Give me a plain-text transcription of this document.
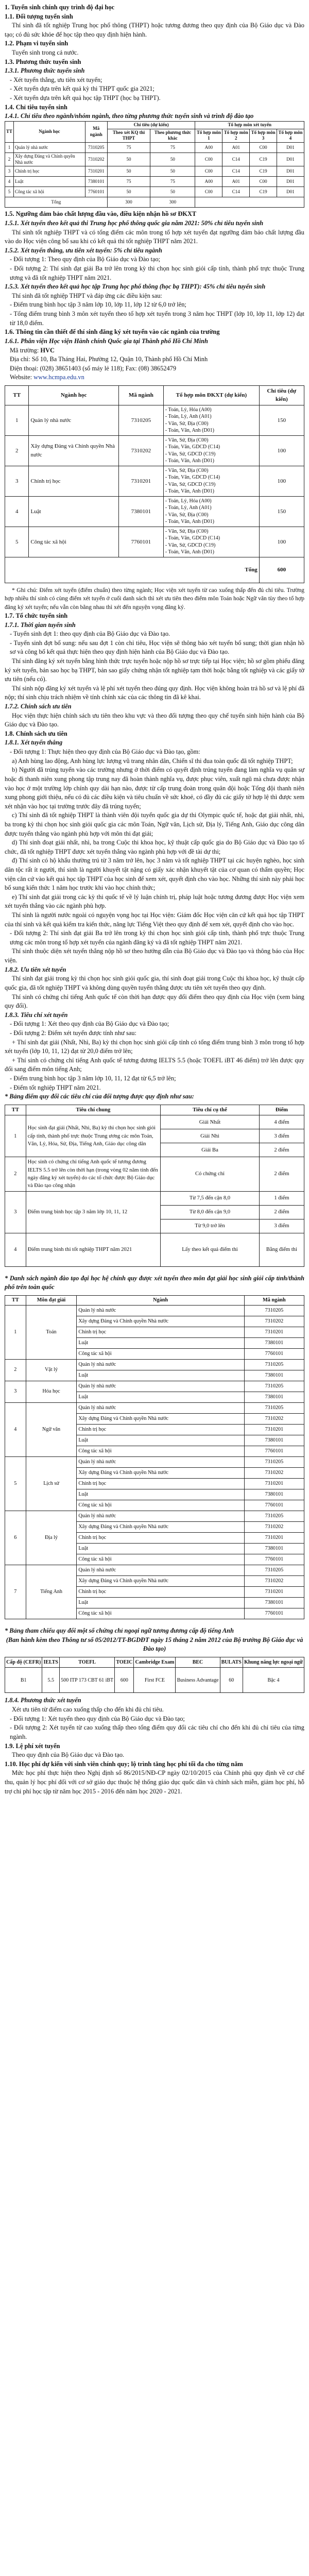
1. Tuyển sinh chính quy trình độ đại học

1.1. Đối tượng tuyển sinh

Thí sinh đã tốt nghiệp Trung học phổ thông (THPT) hoặc tương đương theo quy định của Bộ Giáo dục và Đào tạo; có đủ sức khỏe để học tập theo quy định hiện hành.

1.2. Phạm vi tuyển sinh

Tuyển sinh trong cả nước.

1.3. Phương thức tuyển sinh

1.3.1. Phương thức tuyển sinh

- Xét tuyển thẳng, ưu tiên xét tuyển;

- Xét tuyển dựa trên kết quả kỳ thi THPT quốc gia 2021;

- Xét tuyển dựa trên kết quả học tập THPT (học bạ THPT).

1.4. Chỉ tiêu tuyển sinh

1.4.1. Chỉ tiêu theo ngành/nhóm ngành, theo từng phương thức tuyển sinh và trình độ đào tạo

TT	Ngành học	Mã ngành	Chỉ tiêu (dự kiến)		Tổ hợp môn xét tuyển			
			Theo xét KQ thi THPT	Theo phương thức khác	Tổ hợp môn 1	Tổ hợp môn 2	Tổ hợp môn 3	Tổ hợp môn 4
1	Quản lý nhà nước	7310205	75	75	A00	A01	C00	D01
2	Xây dựng Đảng và Chính quyền Nhà nước	7310202	50	50	C00	C14	C19	D01
3	Chính trị học	7310201	50	50	C00	C14	C19	D01
4	Luật	7380101	75	75	A00	A01	C00	D01
5	Công tác xã hội	7760101	50	50	C00	C14	C19	D01
Tổng			300	300				

1.5. Ngưỡng đảm bảo chất lượng đầu vào, điều kiện nhận hồ sơ ĐKXT

1.5.1. Xét tuyển theo kết quả thi Trung học phổ thông quốc gia năm 2021: 50% chỉ tiêu tuyển sinh

Thí sinh tốt nghiệp THPT và có tổng điểm các môn trong tổ hợp xét tuyển đạt ngưỡng đảm bảo chất lượng đầu vào do Học viện công bố sau khi có kết quả thi tốt nghiệp THPT năm 2021.

1.5.2. Xét tuyển thẳng, ưu tiên xét tuyển: 5% chỉ tiêu ngành

- Đối tượng 1: Theo quy định của Bộ Giáo dục và Đào tạo;

- Đối tượng 2: Thí sinh đạt giải Ba trở lên trong kỳ thi chọn học sinh giỏi cấp tỉnh, thành phố trực thuộc Trung ương và đã tốt nghiệp THPT năm 2021.

1.5.3. Xét tuyển theo kết quả học tập Trung học phổ thông (học bạ THPT): 45% chỉ tiêu tuyển sinh

Thí sinh đã tốt nghiệp THPT và đáp ứng các điều kiện sau:

- Điểm trung bình học tập 3 năm lớp 10, lớp 11, lớp 12 từ 6,0 trở lên;

- Tổng điểm trung bình 3 môn xét tuyển theo tổ hợp xét tuyển trong 3 năm học THPT (lớp 10, lớp 11, lớp 12) đạt từ 18,0 điểm.

1.6. Thông tin cần thiết để thí sinh đăng ký xét tuyển vào các ngành của trường

1.6.1. Phân viện Học viện Hành chính Quốc gia tại Thành phố Hồ Chí Minh

Mã trường: HVC

Địa chỉ: Số 10, Ba Tháng Hai, Phường 12, Quận 10, Thành phố Hồ Chí Minh

Điện thoại: (028) 38651403 (số máy lẻ 118); Fax: (08) 38652479

Website: www.hcmpa.edu.vn

TT	Ngành học	Mã ngành	Tổ hợp môn ĐKXT (dự kiến)	Chỉ tiêu (dự kiến)
1	Quản lý nhà nước	7310205	- Toán, Lý, Hóa (A00)
- Toán, Lý, Anh (A01)
- Văn, Sử, Địa (C00)
- Toán, Văn, Anh (D01)	150
2	Xây dựng Đảng và Chính quyền Nhà nước	7310202	- Văn, Sử, Địa (C00)
- Toán, Văn, GDCD (C14)
- Văn, Sử, GDCD (C19)
- Toán, Văn, Anh (D01)	100
3	Chính trị học	7310201	- Văn, Sử, Địa (C00)
- Toán, Văn, GDCD (C14)
- Văn, Sử, GDCD (C19)
- Toán, Văn, Anh (D01)	100
4	Luật	7380101	- Toán, Lý, Hóa (A00)
- Toán, Lý, Anh (A01)
- Văn, Sử, Địa (C00)
- Toán, Văn, Anh (D01)	150
5	Công tác xã hội	7760101	- Văn, Sử, Địa (C00)
- Toán, Văn, GDCD (C14)
- Văn, Sử, GDCD (C19)
- Toán, Văn, Anh (D01)	100
Tổng				600

* Ghi chú: Điểm xét tuyển (điểm chuẩn) theo từng ngành; Học viện xét tuyển từ cao xuống thấp đến đủ chỉ tiêu. Trường hợp nhiều thí sinh có cùng điểm xét tuyển ở cuối danh sách thì xét ưu tiên theo điểm môn Toán hoặc Ngữ văn tùy theo tổ hợp đăng ký xét tuyển; nếu vẫn còn bằng nhau thì xét đến nguyện vọng đăng ký.

1.7. Tổ chức tuyển sinh

1.7.1. Thời gian tuyển sinh

- Tuyển sinh đợt 1: theo quy định của Bộ Giáo dục và Đào tạo.

- Tuyển sinh đợt bổ sung: nếu sau đợt 1 còn chỉ tiêu, Học viện sẽ thông báo xét tuyển bổ sung; thời gian nhận hồ sơ và công bố kết quả thực hiện theo quy định hiện hành của Bộ Giáo dục và Đào tạo.

Thí sinh đăng ký xét tuyển bằng hình thức trực tuyến hoặc nộp hồ sơ trực tiếp tại Học viện; hồ sơ gồm phiếu đăng ký xét tuyển, bản sao học bạ THPT, bản sao giấy chứng nhận tốt nghiệp tạm thời hoặc bằng tốt nghiệp và các giấy tờ ưu tiên (nếu có).

Thí sinh nộp đăng ký xét tuyển và lệ phí xét tuyển theo đúng quy định. Học viện không hoàn trả hồ sơ và lệ phí đã nộp; thí sinh chịu trách nhiệm về tính chính xác của các thông tin đã kê khai.

1.7.2. Chính sách ưu tiên

Học viện thực hiện chính sách ưu tiên theo khu vực và theo đối tượng theo quy chế tuyển sinh hiện hành của Bộ Giáo dục và Đào tạo.

1.8. Chính sách ưu tiên

1.8.1. Xét tuyển thẳng

- Đối tượng 1: Thực hiện theo quy định của Bộ Giáo dục và Đào tạo, gồm:

a) Anh hùng lao động, Anh hùng lực lượng vũ trang nhân dân, Chiến sĩ thi đua toàn quốc đã tốt nghiệp THPT;

b) Người đã trúng tuyển vào các trường nhưng ở thời điểm có quyết định trúng tuyển đang làm nghĩa vụ quân sự hoặc đi thanh niên xung phong tập trung nay đã hoàn thành nghĩa vụ, được phục viên, xuất ngũ mà chưa được nhận vào học ở một trường lớp chính quy dài hạn nào, được từ cấp trung đoàn trong quân đội hoặc Tổng đội thanh niên xung phong giới thiệu, nếu có đủ các điều kiện và tiêu chuẩn về sức khoẻ, có đầy đủ các giấy tờ hợp lệ thì được xem xét nhận vào học tại trường trước đây đã trúng tuyển;

c) Thí sinh đã tốt nghiệp THPT là thành viên đội tuyển quốc gia dự thi Olympic quốc tế, hoặc đạt giải nhất, nhì, ba trong kỳ thi chọn học sinh giỏi quốc gia các môn Toán, Ngữ văn, Lịch sử, Địa lý, Tiếng Anh, Giáo dục công dân được tuyển thẳng vào ngành phù hợp với môn thi đạt giải;

d) Thí sinh đoạt giải nhất, nhì, ba trong Cuộc thi khoa học, kỹ thuật cấp quốc gia do Bộ Giáo dục và Đào tạo tổ chức, đã tốt nghiệp THPT được xét tuyển thẳng vào ngành phù hợp với đề tài dự thi;

đ) Thí sinh có hộ khẩu thường trú từ 3 năm trở lên, học 3 năm và tốt nghiệp THPT tại các huyện nghèo, học sinh dân tộc rất ít người, thí sinh là người khuyết tật nặng có giấy xác nhận khuyết tật của cơ quan có thẩm quyền; Học viện căn cứ vào kết quả học tập THPT của học sinh để xem xét, quyết định cho vào học. Những thí sinh này phải học bổ sung kiến thức 1 năm học trước khi vào học chính thức;

e) Thí sinh đạt giải trong các kỳ thi quốc tế về lý luận chính trị, pháp luật hoặc tương đương được Học viện xem xét tuyển thẳng vào các ngành phù hợp.

Thí sinh là người nước ngoài có nguyện vọng học tại Học viện: Giám đốc Học viện căn cứ kết quả học tập THPT của thí sinh và kết quả kiểm tra kiến thức, năng lực Tiếng Việt theo quy định để xem xét, quyết định cho vào học.

- Đối tượng 2: Thí sinh đạt giải Ba trở lên trong kỳ thi chọn học sinh giỏi cấp tỉnh, thành phố trực thuộc Trung ương các môn trong tổ hợp xét tuyển của ngành đăng ký và đã tốt nghiệp THPT năm 2021.

Thí sinh thuộc diện xét tuyển thẳng nộp hồ sơ theo hướng dẫn của Bộ Giáo dục và Đào tạo và thông báo của Học viện.

1.8.2. Ưu tiên xét tuyển

Thí sinh đạt giải trong kỳ thi chọn học sinh giỏi quốc gia, thí sinh đoạt giải trong Cuộc thi khoa học, kỹ thuật cấp quốc gia, đã tốt nghiệp THPT và không dùng quyền tuyển thẳng được ưu tiên xét tuyển theo quy định.

Thí sinh có chứng chỉ tiếng Anh quốc tế còn thời hạn được quy đổi điểm theo quy định của Học viện (xem bảng quy đổi).

1.8.3. Tiêu chí xét tuyển

- Đối tượng 1: Xét theo quy định của Bộ Giáo dục và Đào tạo;

- Đối tượng 2: Điểm xét tuyển được tính như sau:

+ Thí sinh đạt giải (Nhất, Nhì, Ba) kỳ thi chọn học sinh giỏi cấp tỉnh có tổng điểm trung bình 3 môn trong tổ hợp xét tuyển (lớp 10, 11, 12) đạt từ 20,0 điểm trở lên;

+ Thí sinh có chứng chỉ tiếng Anh quốc tế tương đương IELTS 5.5 (hoặc TOEFL iBT 46 điểm) trở lên được quy đổi sang điểm môn tiếng Anh;

- Điểm trung bình học tập 3 năm lớp 10, 11, 12 đạt từ 6,5 trở lên;

- Điểm tốt nghiệp THPT năm 2021.

* Bảng điểm quy đổi các tiêu chí của đối tượng được quy định như sau:

TT	Tiêu chí chung	Tiêu chí cụ thể	Điểm
1	Học sinh đạt giải (Nhất, Nhì, Ba) kỳ thi chọn học sinh giỏi cấp tỉnh, thành phố trực thuộc Trung ương các môn Toán, Văn, Lý, Hóa, Sử, Địa, Tiếng Anh, Giáo dục công dân	Giải Nhất	4 điểm
		Giải Nhì	3 điểm
		Giải Ba	2 điểm
2	Học sinh có chứng chỉ tiếng Anh quốc tế tương đương IELTS 5.5 trở lên còn thời hạn (trong vòng 02 năm tính đến ngày đăng ký xét tuyển) do các tổ chức được Bộ Giáo dục và Đào tạo công nhận	Có chứng chỉ	2 điểm
3	Điểm trung bình học tập 3 năm lớp 10, 11, 12	Từ 7,5 đến cận 8,0	1 điểm
		Từ 8,0 đến cận 9,0	2 điểm
		Từ 9,0 trở lên	3 điểm
4	Điểm trung bình thi tốt nghiệp THPT năm 2021	Lấy theo kết quả điểm thi	Bằng điểm thi

* Danh sách ngành đào tạo đại học hệ chính quy được xét tuyển theo môn đạt giải học sinh giỏi cấp tỉnh/thành phố trên toàn quốc

TT	Môn đạt giải	Ngành	Mã ngành
1	Toán	Quản lý nhà nước	7310205
		Xây dựng Đảng và Chính quyền Nhà nước	7310202
		Chính trị học	7310201
		Luật	7380101
		Công tác xã hội	7760101
2	Vật lý	Quản lý nhà nước	7310205
		Luật	7380101
3	Hóa học	Quản lý nhà nước	7310205
		Luật	7380101
4	Ngữ văn	Quản lý nhà nước	7310205
		Xây dựng Đảng và Chính quyền Nhà nước	7310202
		Chính trị học	7310201
		Luật	7380101
		Công tác xã hội	7760101
5	Lịch sử	Quản lý nhà nước	7310205
		Xây dựng Đảng và Chính quyền Nhà nước	7310202
		Chính trị học	7310201
		Luật	7380101
		Công tác xã hội	7760101
6	Địa lý	Quản lý nhà nước	7310205
		Xây dựng Đảng và Chính quyền Nhà nước	7310202
		Chính trị học	7310201
		Luật	7380101
		Công tác xã hội	7760101
7	Tiếng Anh	Quản lý nhà nước	7310205
		Xây dựng Đảng và Chính quyền Nhà nước	7310202
		Chính trị học	7310201
		Luật	7380101
		Công tác xã hội	7760101

* Bảng tham chiếu quy đổi một số chứng chỉ ngoại ngữ tương đương cấp độ tiếng Anh

(Ban hành kèm theo Thông tư số 05/2012/TT-BGDĐT ngày 15 tháng 2 năm 2012 của Bộ trưởng Bộ Giáo dục và Đào tạo)

Cấp độ (CEFR)	IELTS	TOEFL	TOEIC	Cambridge Exam	BEC	BULATS	Khung năng lực ngoại ngữ
B1	5.5	500 ITP 173 CBT 61 iBT	600	First FCE	Business Advantage	60	Bậc 4

1.8.4. Phương thức xét tuyển

Xét ưu tiên từ điểm cao xuống thấp cho đến khi đủ chỉ tiêu.

- Đối tượng 1: Xét tuyển theo quy định của Bộ Giáo dục và Đào tạo;

- Đối tượng 2: Xét tuyển từ cao xuống thấp theo tổng điểm quy đổi các tiêu chí cho đến khi đủ chỉ tiêu của từng ngành.

1.9. Lệ phí xét tuyển

Theo quy định của Bộ Giáo dục và Đào tạo.

1.10. Học phí dự kiến với sinh viên chính quy; lộ trình tăng học phí tối đa cho từng năm

Mức học phí thực hiện theo Nghị định số 86/2015/NĐ-CP ngày 02/10/2015 của Chính phủ quy định về cơ chế thu, quản lý học phí đối với cơ sở giáo dục thuộc hệ thống giáo dục quốc dân và chính sách miễn, giảm học phí, hỗ trợ chi phí học tập từ năm học 2015 - 2016 đến năm học 2020 - 2021.
